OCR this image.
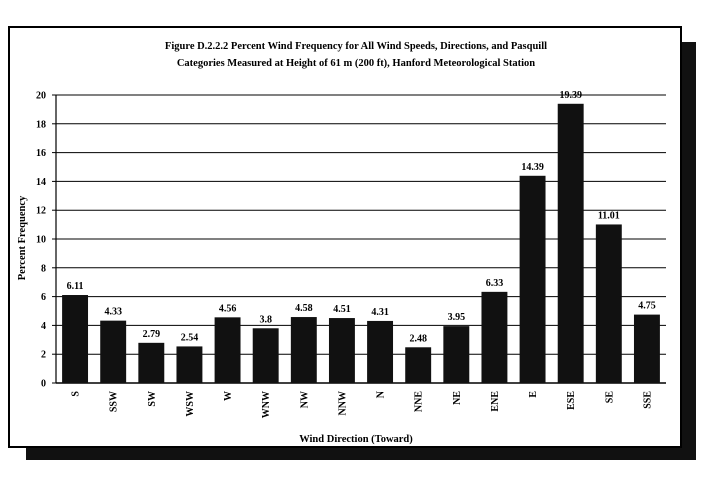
Figure D.2.2.2 Percent Wind Frequency for All Wind Speeds, Directions, and Pasquill
Categories Measured at Height of 61 m (200 ft), Hanford Meteorological Station
Percent Frequency
Wind Direction (Toward)
6.11
4.33
2.79 2.54
4.56
3.8
4.58 4.51 4.31
2.48
3.95
6.33
14.39
19.39
11.01
4.75
0
2
4
6
8
10
12
14
16
18
20
S	SSW	SW	WSW	W	WNW	NW	NNW	N	NNE	NE	ENE	E	ESE	SE	SSE
